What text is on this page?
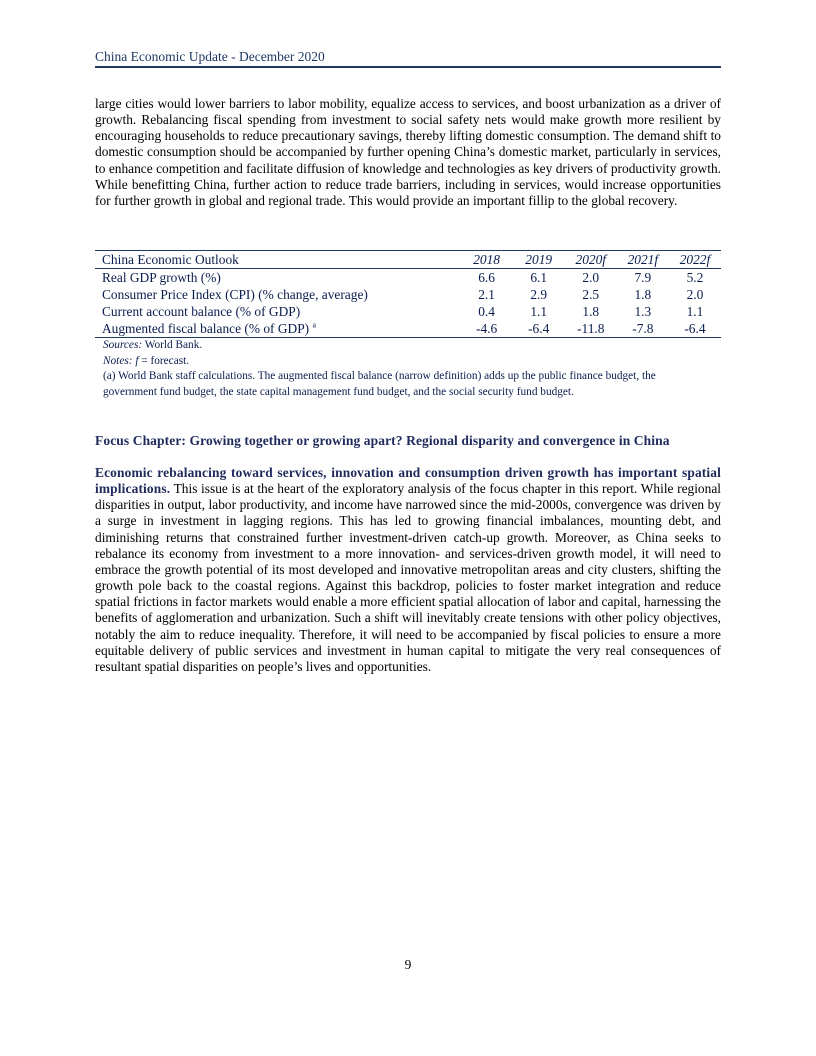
China Economic Update - December 2020

large cities would lower barriers to labor mobility, equalize access to services, and boost urbanization as a driver of growth. Rebalancing fiscal spending from investment to social safety nets would make growth more resilient by encouraging households to reduce precautionary savings, thereby lifting domestic consumption. The demand shift to domestic consumption should be accompanied by further opening China’s domestic market, particularly in services, to enhance competition and facilitate diffusion of knowledge and technologies as key drivers of productivity growth. While benefitting China, further action to reduce trade barriers, including in services, would increase opportunities for further growth in global and regional trade. This would provide an important fillip to the global recovery.

China Economic Outlook	2018	2019	2020f	2021f	2022f
Real GDP growth (%)	6.6	6.1	2.0	7.9	5.2
Consumer Price Index (CPI) (% change, average)	2.1	2.9	2.5	1.8	2.0
Current account balance (% of GDP)	0.4	1.1	1.8	1.3	1.1
Augmented fiscal balance (% of GDP) $^a$	-4.6	-6.4	-11.8	-7.8	-6.4

Sources: World Bank.

Notes: f = forecast.

(a) World Bank staff calculations. The augmented fiscal balance (narrow definition) adds up the public finance budget, the government fund budget, the state capital management fund budget, and the social security fund budget.

Focus Chapter: Growing together or growing apart? Regional disparity and convergence in China

Economic rebalancing toward services, innovation and consumption driven growth has important spatial implications. This issue is at the heart of the exploratory analysis of the focus chapter in this report. While regional disparities in output, labor productivity, and income have narrowed since the mid-2000s, convergence was driven by a surge in investment in lagging regions. This has led to growing financial imbalances, mounting debt, and diminishing returns that constrained further investment-driven catch-up growth. Moreover, as China seeks to rebalance its economy from investment to a more innovation- and services-driven growth model, it will need to embrace the growth potential of its most developed and innovative metropolitan areas and city clusters, shifting the growth pole back to the coastal regions. Against this backdrop, policies to foster market integration and reduce spatial frictions in factor markets would enable a more efficient spatial allocation of labor and capital, harnessing the benefits of agglomeration and urbanization. Such a shift will inevitably create tensions with other policy objectives, notably the aim to reduce inequality. Therefore, it will need to be accompanied by fiscal policies to ensure a more equitable delivery of public services and investment in human capital to mitigate the very real consequences of resultant spatial disparities on people’s lives and opportunities.

9
